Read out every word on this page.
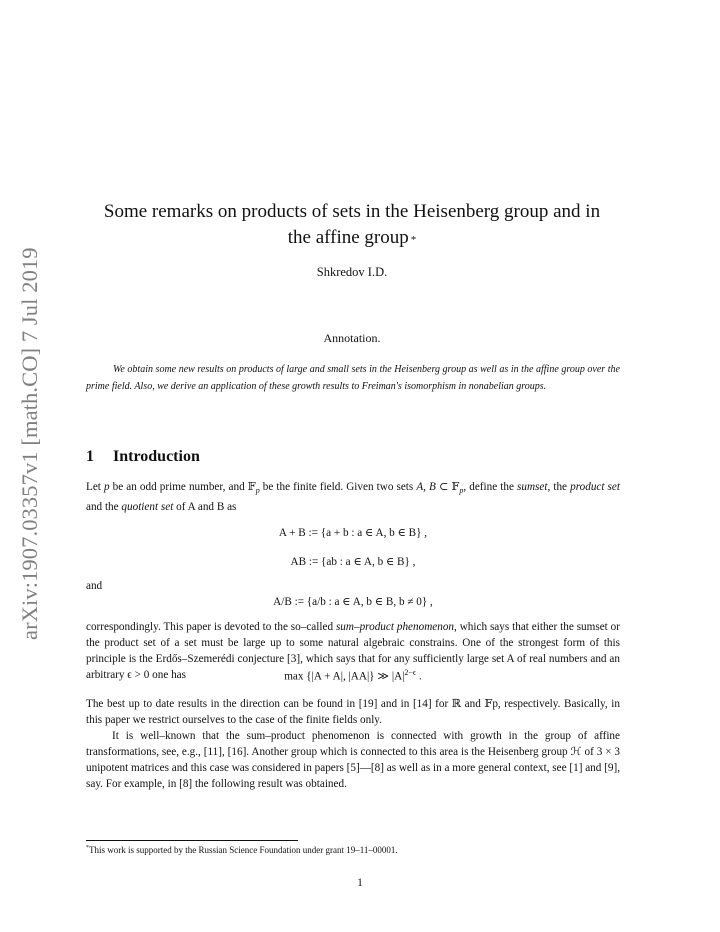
arXiv:1907.03357v1 [math.CO] 7 Jul 2019
Some remarks on products of sets in the Heisenberg group and in
the affine group *
Shkredov I.D.
Annotation.
We obtain some new results on products of large and small sets in the Heisenberg group as well as in the affine group over the prime field. Also, we derive an application of these growth results to Freiman's isomorphism in nonabelian groups.
1 Introduction
Let p be an odd prime number, and 𝔽$_p$ be the finite field. Given two sets A, B ⊂ 𝔽$_p$, define the sumset, the product set and the quotient set of A and B as
A + B := {a + b : a ∈ A, b ∈ B} ,
AB := {ab : a ∈ A, b ∈ B} ,
and
A/B := {a/b : a ∈ A, b ∈ B, b ≠ 0} ,
correspondingly. This paper is devoted to the so–called sum–product phenomenon, which says that either the sumset or the product set of a set must be large up to some natural algebraic constrains. One of the strongest form of this principle is the Erdős–Szemerédi conjecture [3], which says that for any sufficiently large set A of real numbers and an arbitrary ϵ > 0 one has	max {|A + A|, |AA|} ≫ $|A|^{2-\epsilon}$ .
The best up to date results in the direction can be found in [19] and in [14] for ℝ and 𝔽p, respectively. Basically, in this paper we restrict ourselves to the case of the finite fields only.
It is well–known that the sum–product phenomenon is connected with growth in the group of affine transformations, see, e.g., [11], [16]. Another group which is connected to this area is the Heisenberg group ℋ of 3 × 3 unipotent matrices and this case was considered in papers [5]—[8] as well as in a more general context, see [1] and [9], say. For example, in [8] the following result was obtained.
*This work is supported by the Russian Science Foundation under grant 19–11–00001.
1
